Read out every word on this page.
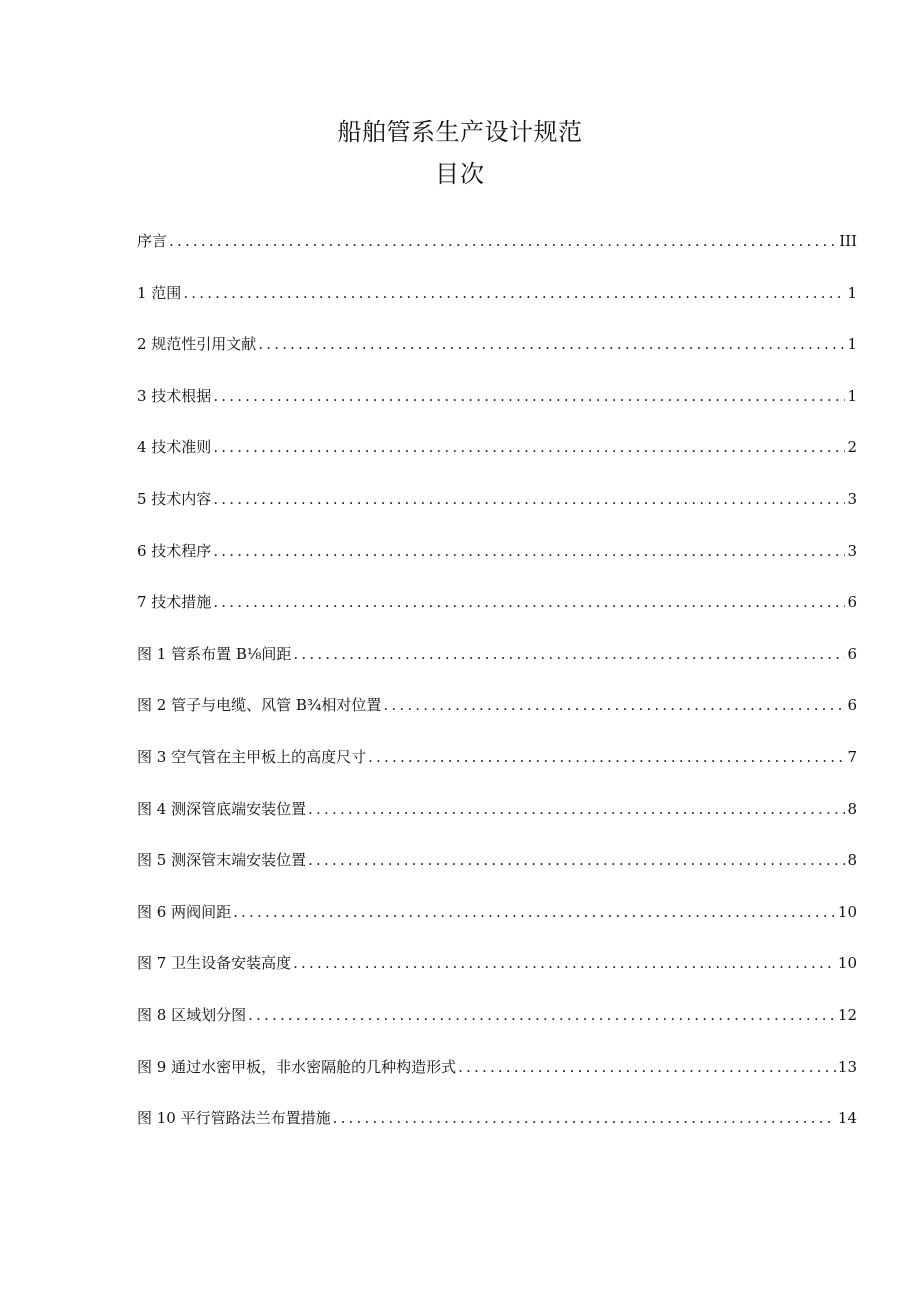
船舶管系生产设计规范
目次
序言 .....	III
1 范围 .....	1
2 规范性引用文献 .....	1
3 技术根据 .....	1
4 技术准则 .....	2
5 技术内容 .....	3
6 技术程序 .....	3
7 技术措施 .....	6
图 1 管系布置 B⅛间距 .....	6
图 2 管子与电缆、风管 B¾相对位置 .....	6
图 3 空气管在主甲板上的高度尺寸 .....	7
图 4 测深管底端安装位置 .....	8
图 5 测深管末端安装位置 .....	8
图 6 两阀间距 .....	10
图 7 卫生设备安装高度 .....	10
图 8 区域划分图 .....	12
图 9 通过水密甲板，非水密隔舱的几种构造形式 .....	13
图 10 平行管路法兰布置措施 .....	14
